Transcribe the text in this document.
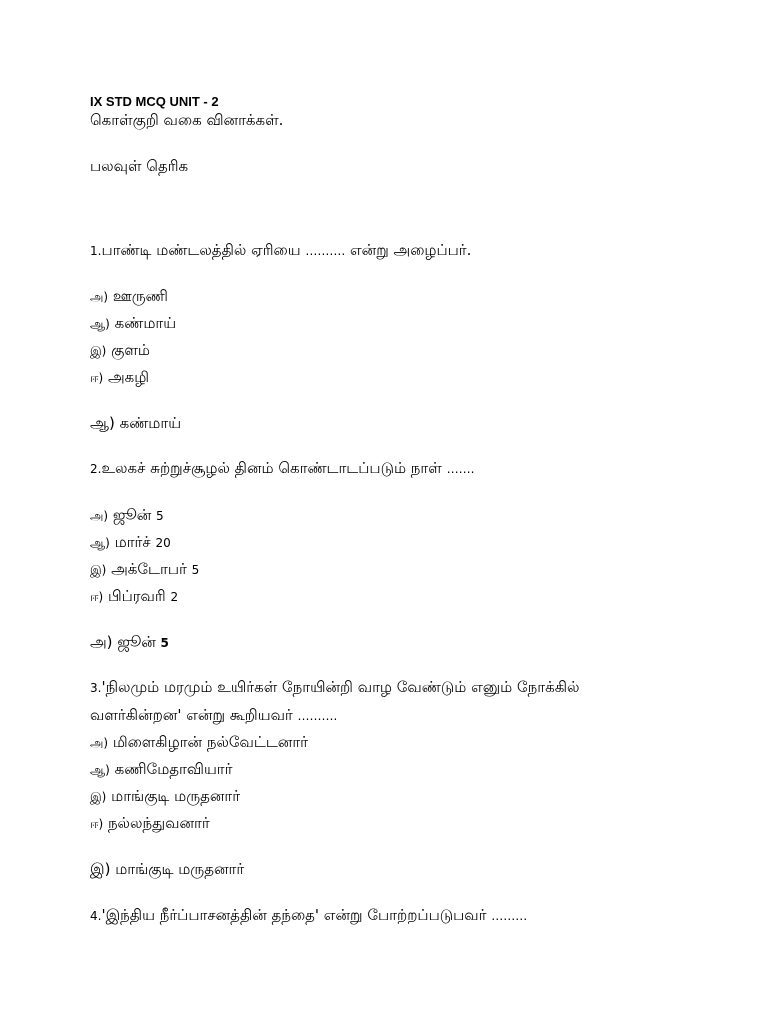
IX STD MCQ UNIT - 2
கொள்குறி வகை வினாக்கள்.
பலவுள் தெரிக
1.பாண்டி மண்டலத்தில் ஏரியை ………. என்று அழைப்பர்.
அ) ஊருணி
ஆ) கண்மாய்
இ) குளம்
ஈ) அகழி
ஆ) கண்மாய்
2.உலகச் சுற்றுச்சூழல் தினம் கொண்டாடப்படும் நாள் …….
அ) ஜூன் 5
ஆ) மார்ச் 20
இ) அக்டோபர் 5
ஈ) பிப்ரவரி 2
அ) ஜூன் 5
3.'நிலமும் மரமும் உயிர்கள் நோயின்றி வாழ வேண்டும் எனும் நோக்கில்
வளர்கின்றன' என்று கூறியவர் ……….
அ) மிளைகிழான் நல்வேட்டனார்
ஆ) கணிமேதாவியார்
இ) மாங்குடி மருதனார்
ஈ) நல்லந்துவனார்
இ) மாங்குடி மருதனார்
4.'இந்திய நீர்ப்பாசனத்தின் தந்தை' என்று போற்றப்படுபவர் ………
